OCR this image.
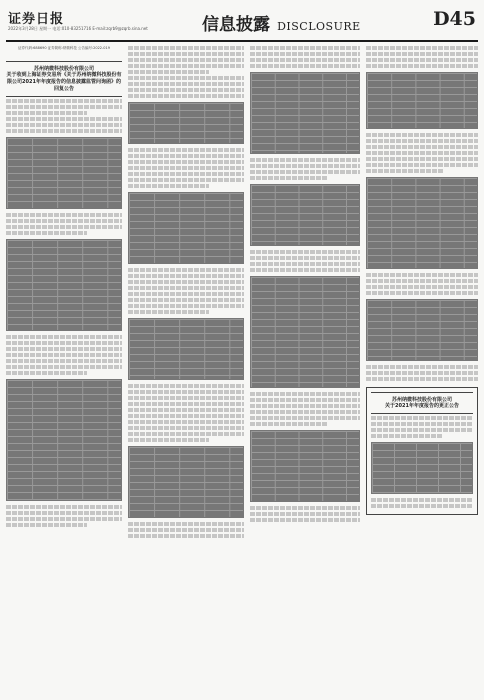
证券日报
2022年3月28日 星期一 电话:010-83251716 E-mail:zqrb9@zqrb.sina.net	信息披露 DISCLOSURE	D45
证券代码:688690 证券简称:纳微科技 公告编号:2022-019
苏州纳微科技股份有限公司
关于收到上海证券交易所《关于苏州纳微科技股份有限公司2021年年度报告的信息披露监管问询函》的回复公告
苏州纳微科技股份有限公司
关于2021年年度报告的更正公告
